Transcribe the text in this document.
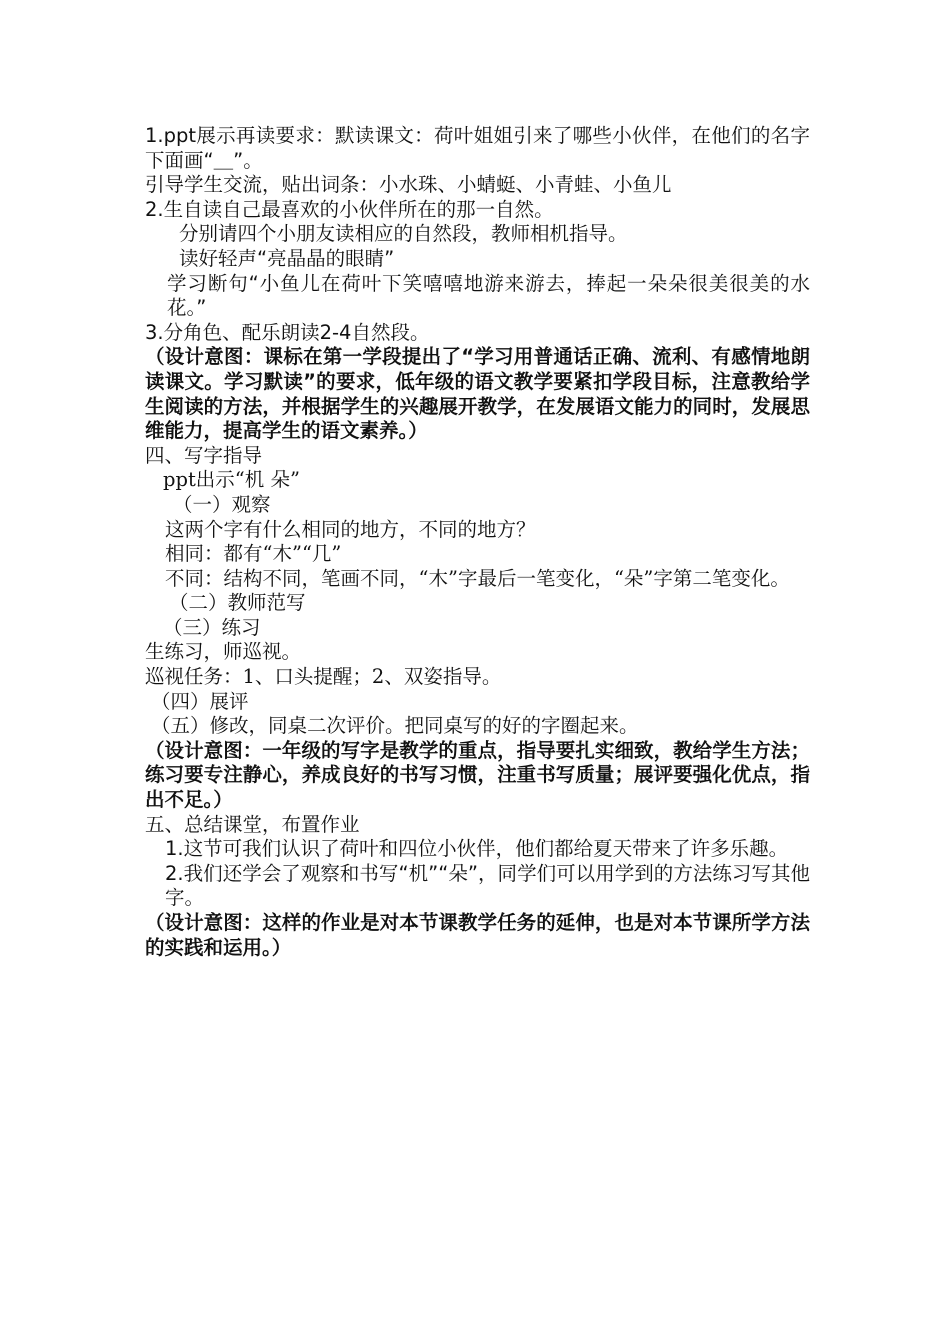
1.ppt展示再读要求：默读课文：荷叶姐姐引来了哪些小伙伴，在他们的名字下面画“＿”。

引导学生交流，贴出词条：小水珠、小蜻蜓、小青蛙、小鱼儿

2.生自读自己最喜欢的小伙伴所在的那一自然。

分别请四个小朋友读相应的自然段，教师相机指导。

读好轻声“亮晶晶的眼睛”

学习断句“小鱼儿在荷叶下笑嘻嘻地游来游去，捧起一朵朵很美很美的水花。”

3.分角色、配乐朗读2-4自然段。

（设计意图：课标在第一学段提出了“学习用普通话正确、流利、有感情地朗读课文。学习默读”的要求，低年级的语文教学要紧扣学段目标，注意教给学生阅读的方法，并根据学生的兴趣展开教学，在发展语文能力的同时，发展思维能力，提高学生的语文素养。）

四、写字指导

ppt出示“机 朵”

（一）观察

这两个字有什么相同的地方，不同的地方？

相同：都有“木”“几”

不同：结构不同，笔画不同，“木”字最后一笔变化，“朵”字第二笔变化。

（二）教师范写

（三）练习

生练习，师巡视。

巡视任务：1、口头提醒；2、双姿指导。

（四）展评

（五）修改，同桌二次评价。把同桌写的好的字圈起来。

（设计意图：一年级的写字是教学的重点，指导要扎实细致，教给学生方法；练习要专注静心，养成良好的书写习惯，注重书写质量；展评要强化优点，指出不足。）

五、总结课堂，布置作业

1.这节可我们认识了荷叶和四位小伙伴，他们都给夏天带来了许多乐趣。

2.我们还学会了观察和书写“机”“朵”，同学们可以用学到的方法练习写其他字。

（设计意图：这样的作业是对本节课教学任务的延伸，也是对本节课所学方法的实践和运用。）
